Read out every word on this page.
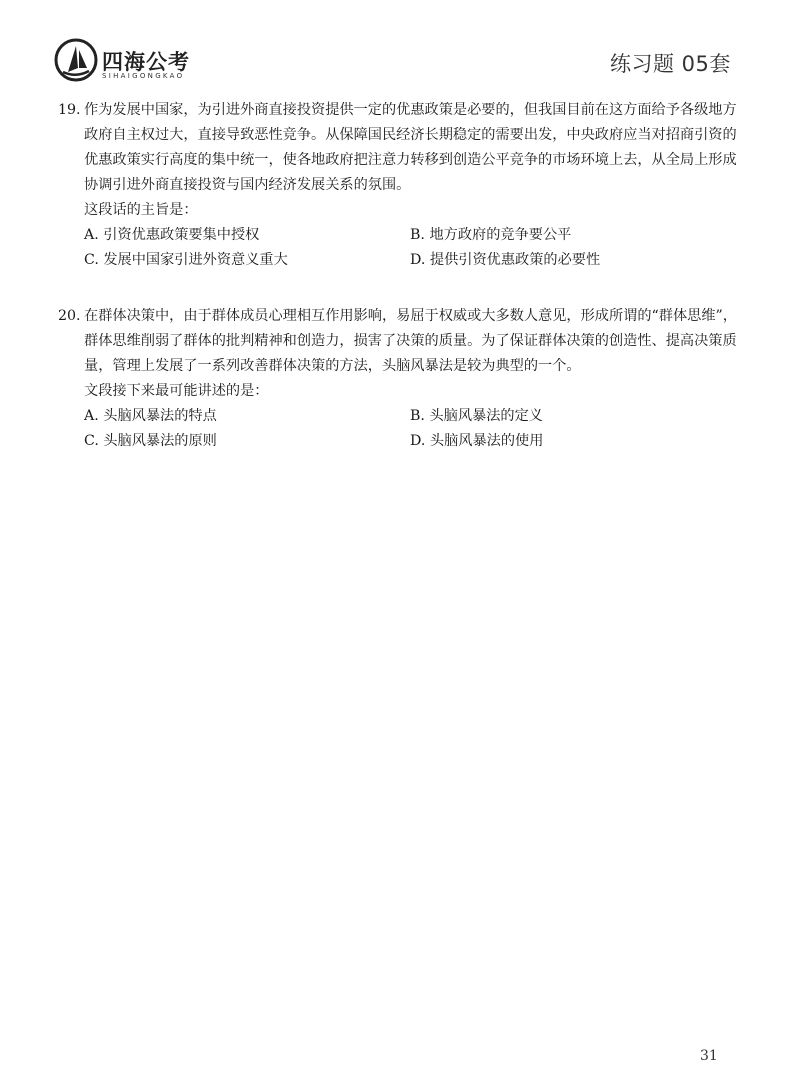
四海公考
SIHAIGONGKAO	练习题 05套
19. 作为发展中国家，为引进外商直接投资提供一定的优惠政策是必要的，但我国目前在这方面给予各级地方政府自主权过大，直接导致恶性竞争。从保障国民经济长期稳定的需要出发，中央政府应当对招商引资的优惠政策实行高度的集中统一，使各地政府把注意力转移到创造公平竞争的市场环境上去，从全局上形成协调引进外商直接投资与国内经济发展关系的氛围。
这段话的主旨是：
A. 引资优惠政策要集中授权	B. 地方政府的竞争要公平
C. 发展中国家引进外资意义重大	D. 提供引资优惠政策的必要性
20. 在群体决策中，由于群体成员心理相互作用影响，易屈于权威或大多数人意见，形成所谓的“群体思维”，群体思维削弱了群体的批判精神和创造力，损害了决策的质量。为了保证群体决策的创造性、提高决策质量，管理上发展了一系列改善群体决策的方法，头脑风暴法是较为典型的一个。
文段接下来最可能讲述的是：
A. 头脑风暴法的特点	B. 头脑风暴法的定义
C. 头脑风暴法的原则	D. 头脑风暴法的使用
31
